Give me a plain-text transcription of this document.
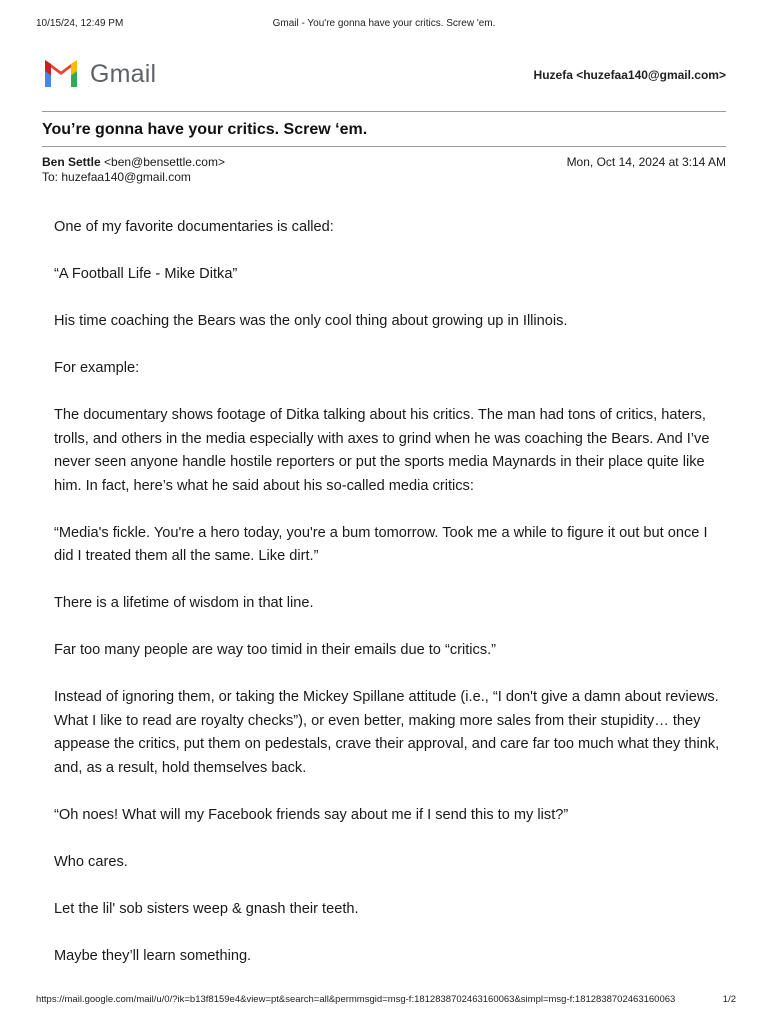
10/15/24, 12:49 PM	Gmail - You're gonna have your critics. Screw 'em.
Gmail	Huzefa <huzefaa140@gmail.com>
You’re gonna have your critics. Screw ‘em.
Ben Settle <ben@bensettle.com>
To: huzefaa140@gmail.com
Mon, Oct 14, 2024 at 3:14 AM

One of my favorite documentaries is called:

“A Football Life - Mike Ditka”

His time coaching the Bears was the only cool thing about growing up in Illinois.

For example:

The documentary shows footage of Ditka talking about his critics. The man had tons of critics, haters, trolls, and others in the media especially with axes to grind when he was coaching the Bears. And I’ve never seen anyone handle hostile reporters or put the sports media Maynards in their place quite like him. In fact, here’s what he said about his so-called media critics:

“Media's fickle. You're a hero today, you're a bum tomorrow. Took me a while to figure it out but once I did I treated them all the same. Like dirt.”

There is a lifetime of wisdom in that line.

Far too many people are way too timid in their emails due to “critics.”

Instead of ignoring them, or taking the Mickey Spillane attitude (i.e., “I don't give a damn about reviews. What I like to read are royalty checks”), or even better, making more sales from their stupidity… they appease the critics, put them on pedestals, crave their approval, and care far too much what they think, and, as a result, hold themselves back.

“Oh noes! What will my Facebook friends say about me if I send this to my list?”

Who cares.

Let the lil' sob sisters weep & gnash their teeth.

Maybe they’ll learn something.

https://mail.google.com/mail/u/0/?ik=b13f8159e4&view=pt&search=all&permmsgid=msg-f:1812838702463160063&simpl=msg-f:1812838702463160063	1/2
